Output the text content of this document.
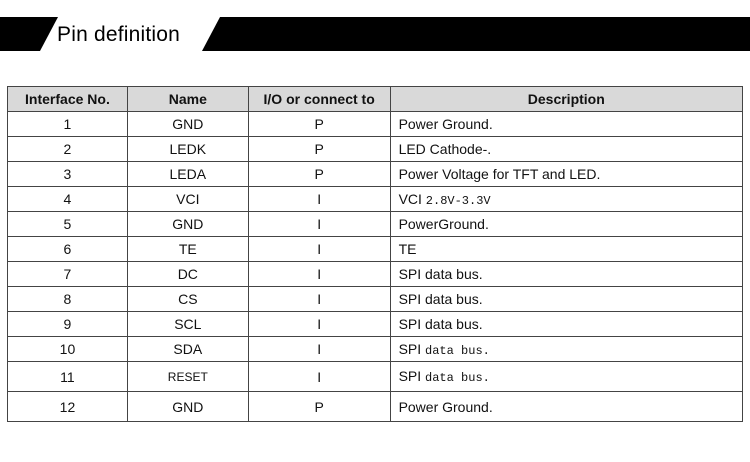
Pin definition
Interface No.	Name	I/O or connect to	Description
1	GND	P	Power Ground.
2	LEDK	P	LED Cathode-.
3	LEDA	P	Power Voltage for TFT and LED.
4	VCI	I	VCI 2.8V-3.3V
5	GND	I	PowerGround.
6	TE	I	TE
7	DC	I	SPI data bus.
8	CS	I	SPI data bus.
9	SCL	I	SPI data bus.
10	SDA	I	SPI data bus.
11	RESET	I	SPI data bus.
12	GND	P	Power Ground.
